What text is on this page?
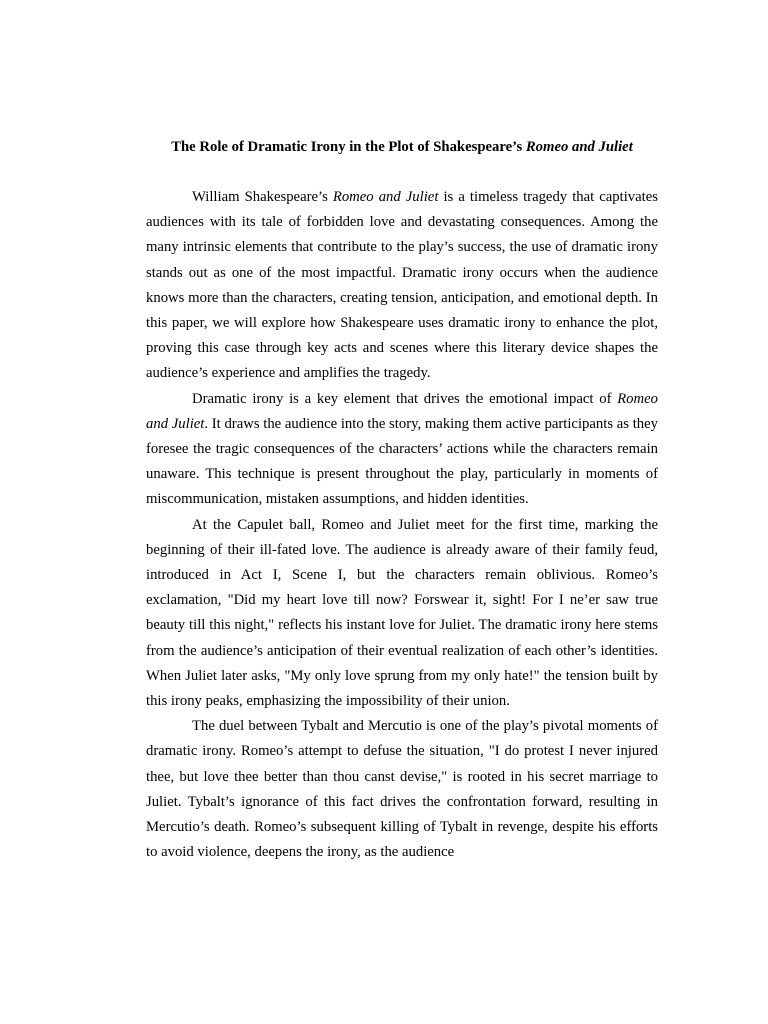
The Role of Dramatic Irony in the Plot of Shakespeare’s Romeo and Juliet

William Shakespeare’s Romeo and Juliet is a timeless tragedy that captivates audiences with its tale of forbidden love and devastating consequences. Among the many intrinsic elements that contribute to the play’s success, the use of dramatic irony stands out as one of the most impactful. Dramatic irony occurs when the audience knows more than the characters, creating tension, anticipation, and emotional depth. In this paper, we will explore how Shakespeare uses dramatic irony to enhance the plot, proving this case through key acts and scenes where this literary device shapes the audience’s experience and amplifies the tragedy.

Dramatic irony is a key element that drives the emotional impact of Romeo and Juliet. It draws the audience into the story, making them active participants as they foresee the tragic consequences of the characters’ actions while the characters remain unaware. This technique is present throughout the play, particularly in moments of miscommunication, mistaken assumptions, and hidden identities.

At the Capulet ball, Romeo and Juliet meet for the first time, marking the beginning of their ill-fated love. The audience is already aware of their family feud, introduced in Act I, Scene I, but the characters remain oblivious. Romeo’s exclamation, "Did my heart love till now? Forswear it, sight! For I ne’er saw true beauty till this night," reflects his instant love for Juliet. The dramatic irony here stems from the audience’s anticipation of their eventual realization of each other’s identities. When Juliet later asks, "My only love sprung from my only hate!" the tension built by this irony peaks, emphasizing the impossibility of their union.

The duel between Tybalt and Mercutio is one of the play’s pivotal moments of dramatic irony. Romeo’s attempt to defuse the situation, "I do protest I never injured thee, but love thee better than thou canst devise," is rooted in his secret marriage to Juliet. Tybalt’s ignorance of this fact drives the confrontation forward, resulting in Mercutio’s death. Romeo’s subsequent killing of Tybalt in revenge, despite his efforts to avoid violence, deepens the irony, as the audience
